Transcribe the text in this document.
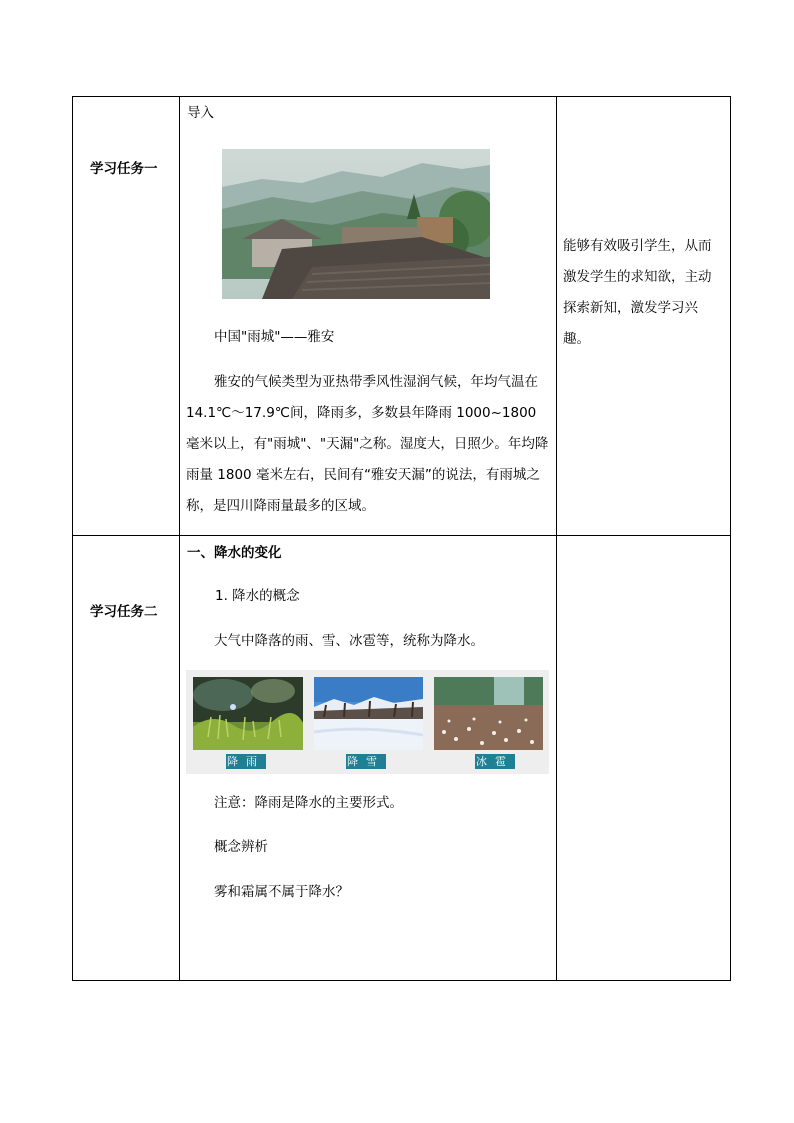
学习任务一
导入
中国"雨城"——雅安
雅安的气候类型为亚热带季风性湿润气候，年均气温在 14.1℃～17.9℃间，降雨多，多数县年降雨 1000~1800 毫米以上，有"雨城"、"天漏"之称。湿度大，日照少。年均降雨量 1800 毫米左右，民间有“雅安天漏”的说法，有雨城之称，是四川降雨量最多的区域。
能够有效吸引学生，从而激发学生的求知欲，主动探索新知，激发学习兴趣。
学习任务二
一、降水的变化
1. 降水的概念
大气中降落的雨、雪、冰雹等，统称为降水。
降雨	降雪	冰雹
注意：降雨是降水的主要形式。
概念辨析
雾和霜属不属于降水？
